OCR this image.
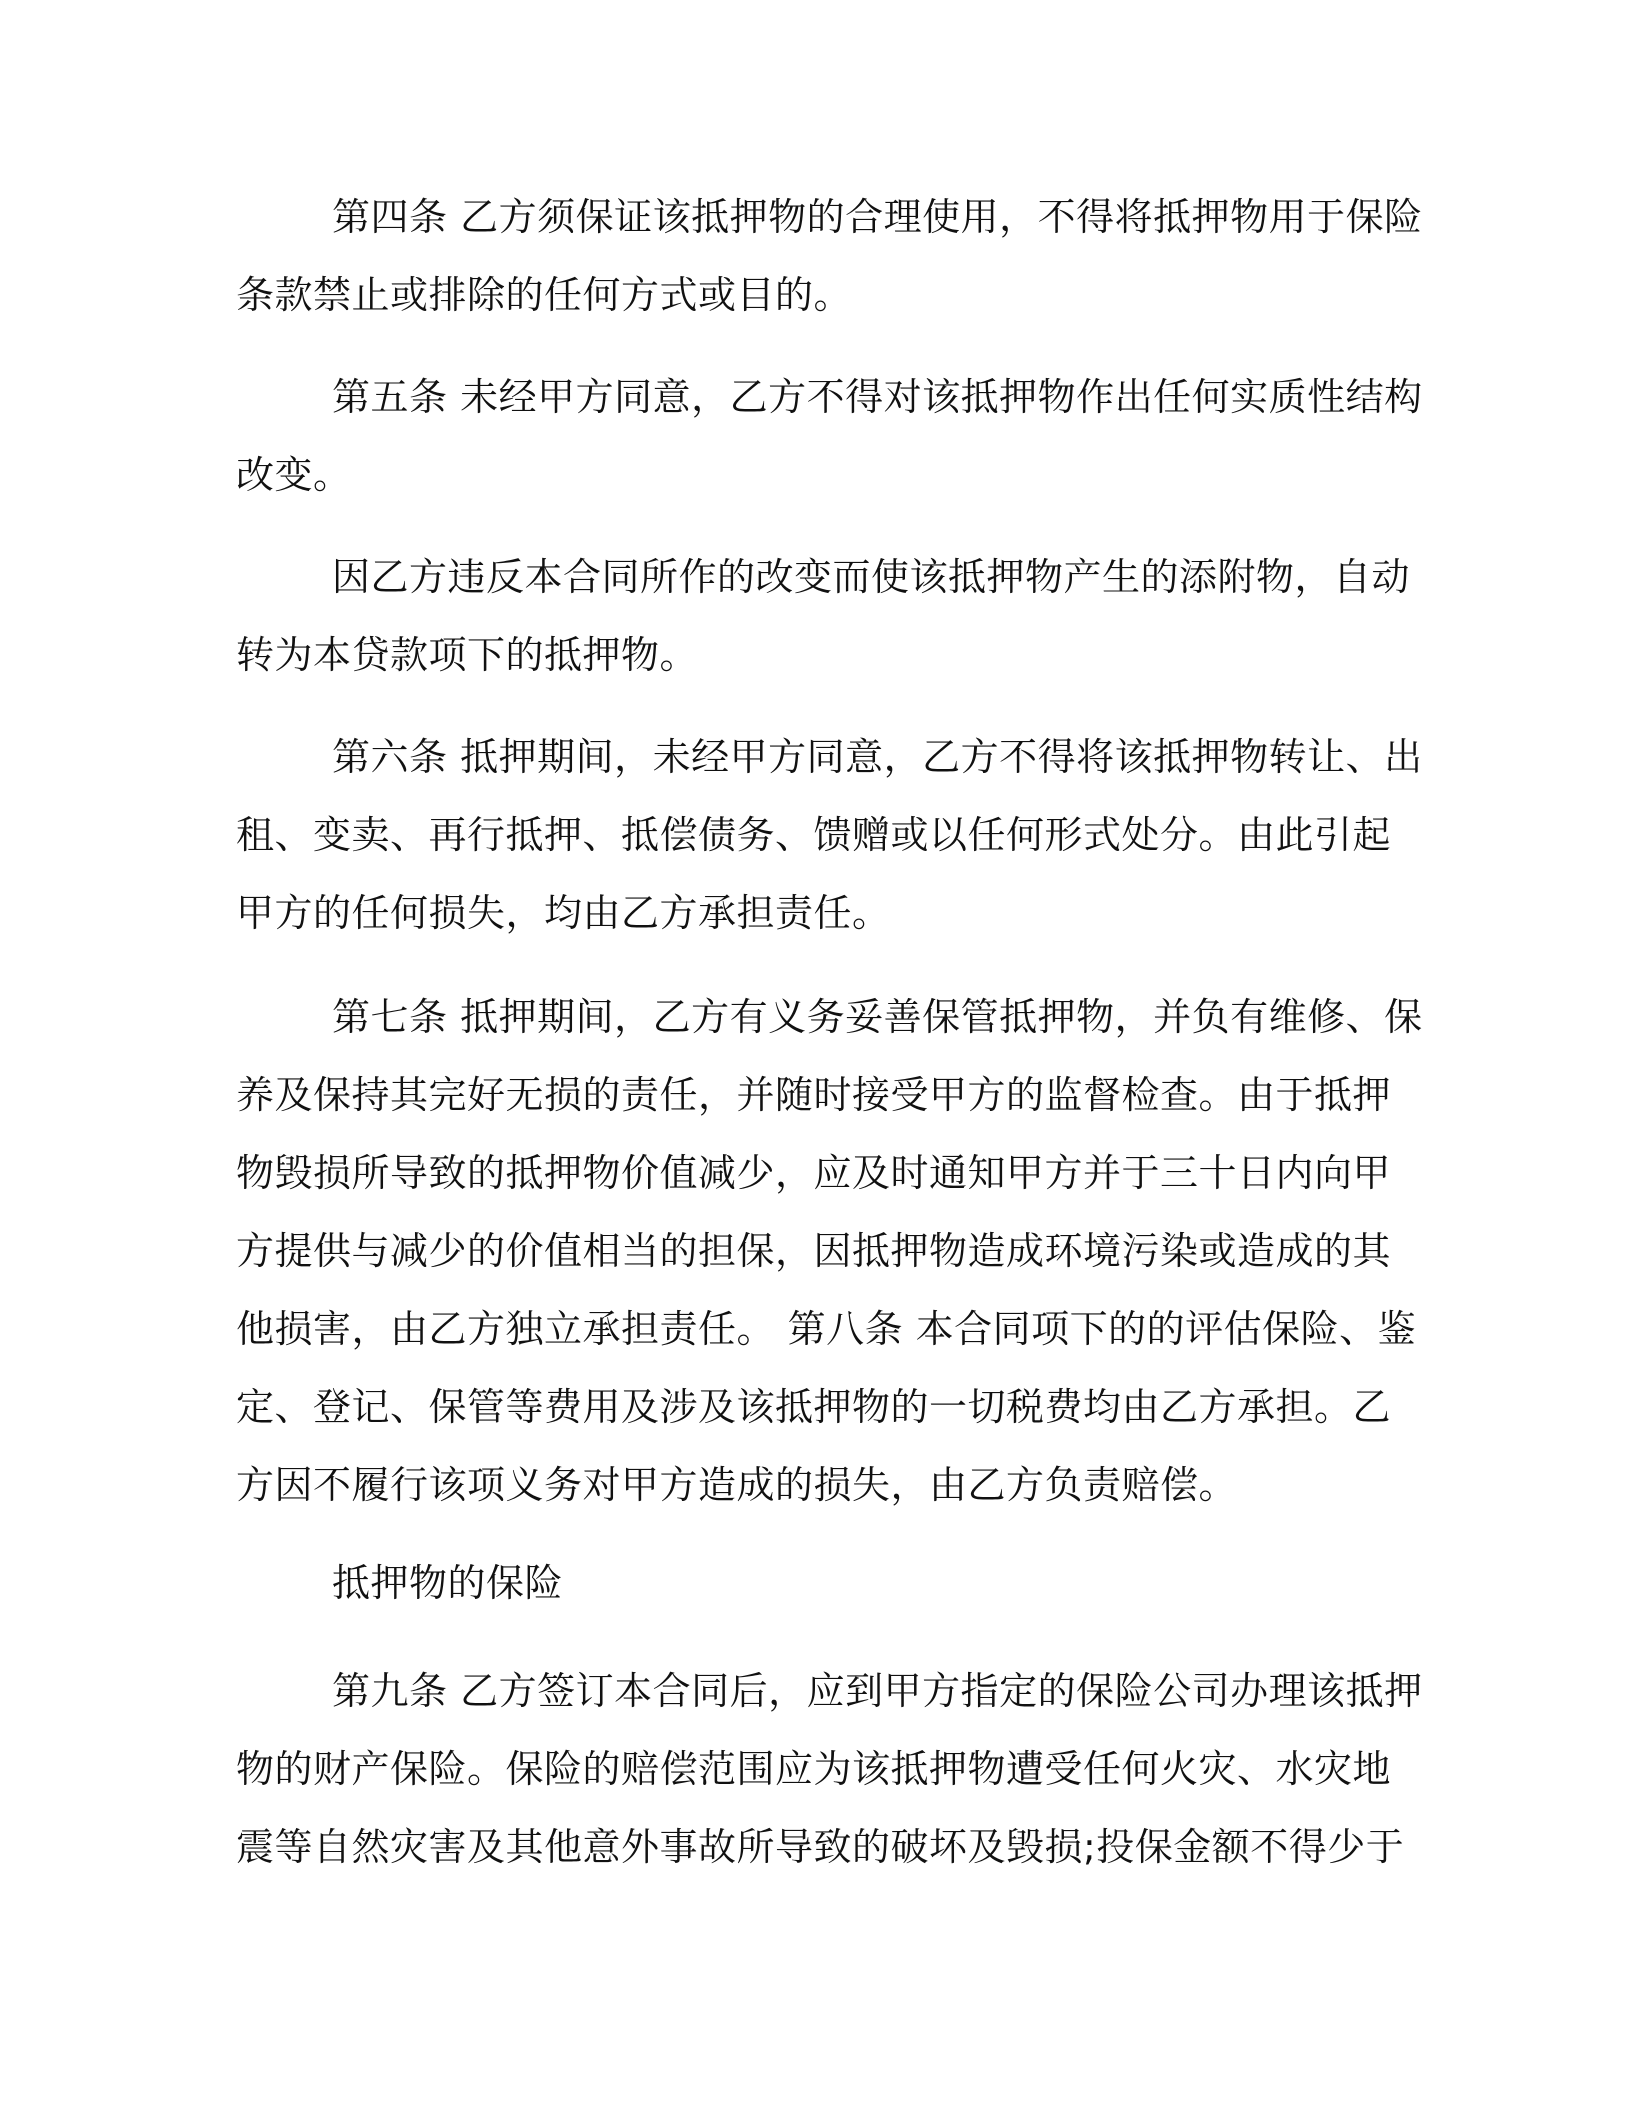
第四条 乙方须保证该抵押物的合理使用，不得将抵押物用于保险
条款禁止或排除的任何方式或目的。
第五条 未经甲方同意，乙方不得对该抵押物作出任何实质性结构
改变。
因乙方违反本合同所作的改变而使该抵押物产生的添附物，自动
转为本贷款项下的抵押物。
第六条 抵押期间，未经甲方同意，乙方不得将该抵押物转让、出
租、变卖、再行抵押、抵偿债务、馈赠或以任何形式处分。由此引起
甲方的任何损失，均由乙方承担责任。
第七条 抵押期间，乙方有义务妥善保管抵押物，并负有维修、保
养及保持其完好无损的责任，并随时接受甲方的监督检查。由于抵押
物毁损所导致的抵押物价值减少，应及时通知甲方并于三十日内向甲
方提供与减少的价值相当的担保，因抵押物造成环境污染或造成的其
他损害，由乙方独立承担责任。 第八条 本合同项下的的评估保险、鉴
定、登记、保管等费用及涉及该抵押物的一切税费均由乙方承担。乙
方因不履行该项义务对甲方造成的损失，由乙方负责赔偿。
抵押物的保险
第九条 乙方签订本合同后，应到甲方指定的保险公司办理该抵押
物的财产保险。保险的赔偿范围应为该抵押物遭受任何火灾、水灾地
震等自然灾害及其他意外事故所导致的破坏及毁损;投保金额不得少于
